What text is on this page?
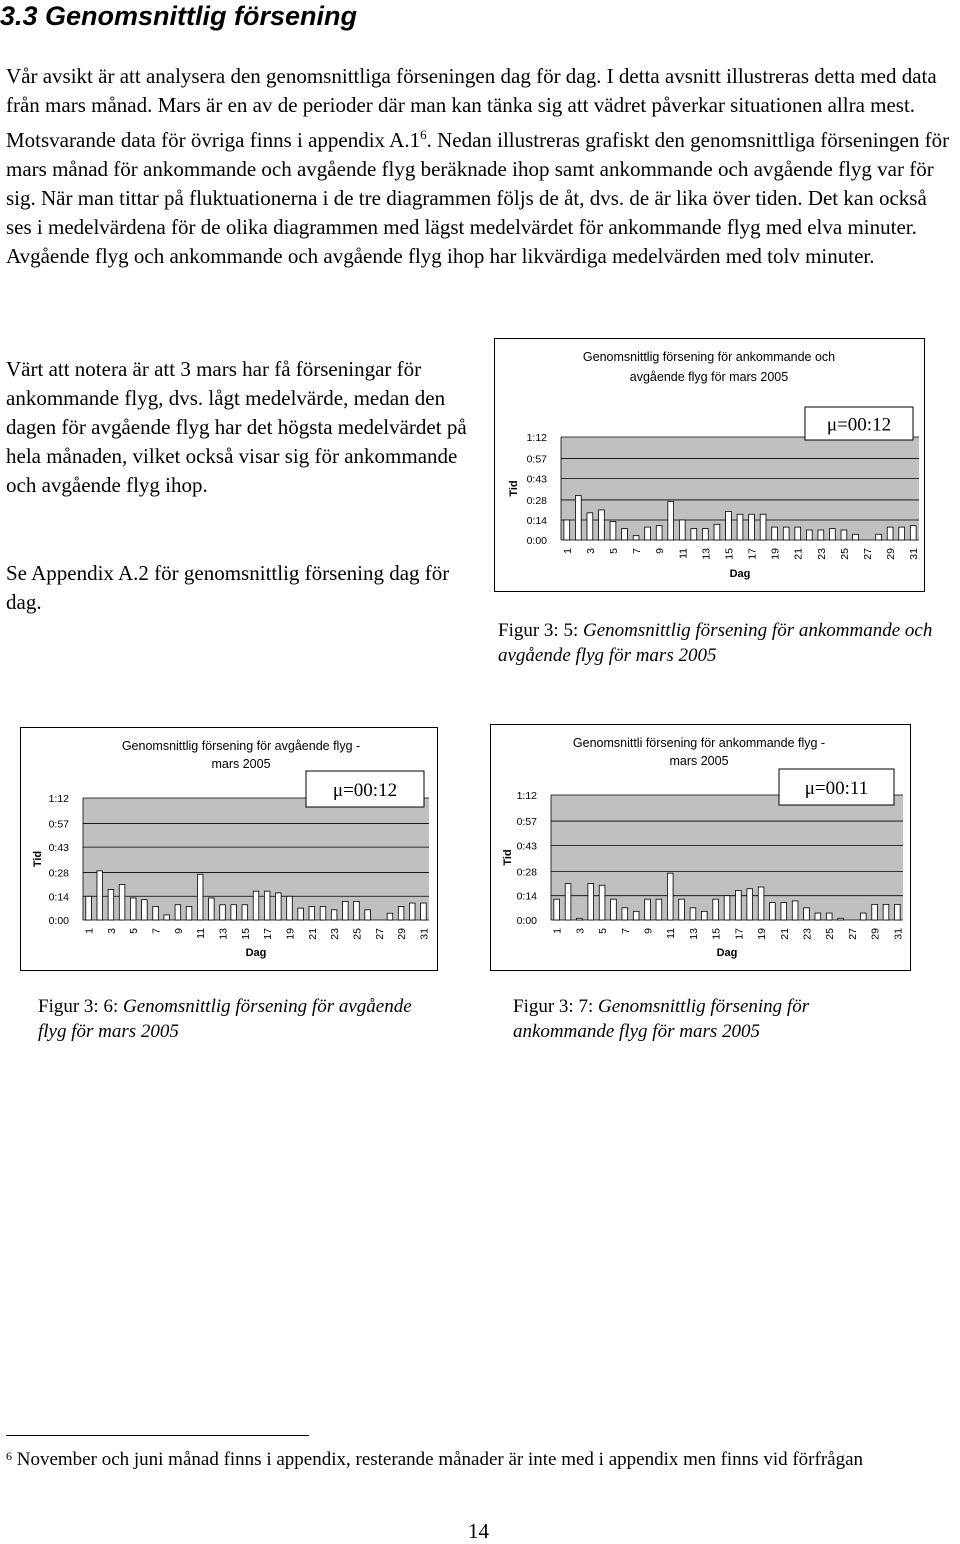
3.3 Genomsnittlig försening

Vår avsikt är att analysera den genomsnittliga förseningen dag för dag. I detta avsnitt illustreras detta med data från mars månad. Mars är en av de perioder där man kan tänka sig att vädret påverkar situationen allra mest. Motsvarande data för övriga finns i appendix $A.1^6$. Nedan illustreras grafiskt den genomsnittliga förseningen för mars månad för ankommande och avgående flyg beräknade ihop samt ankommande och avgående flyg var för sig. När man tittar på fluktuationerna i de tre diagrammen följs de åt, dvs. de är lika över tiden. Det kan också ses i medelvärdena för de olika diagrammen med lägst medelvärdet för ankommande flyg med elva minuter. Avgående flyg och ankommande och avgående flyg ihop har likvärdiga medelvärden med tolv minuter.

Värt att notera är att 3 mars har få förseningar för ankommande flyg, dvs. lågt medelvärde, medan den dagen för avgående flyg har det högsta medelvärdet på hela månaden, vilket också visar sig för ankommande och avgående flyg ihop.

Se Appendix A.2 för genomsnittlig försening dag för dag.

Genomsnittlig försening för ankommande och
avgående flyg för mars 2005
0:00
0:14
0:28
0:43
0:57
1:12
1 3 5 7 9 11 13 15 17 19 21 23 25 27 29 31
Dag
Tid
μ=00:12

Figur 3: 5: Genomsnittlig försening för ankommande och avgående flyg för mars 2005

Genomsnittlig försening för avgående flyg -
mars 2005
0:00
0:14
0:28
0:43
0:57
1:12
1 3 5 7 9 11 13 15 17 19 21 23 25 27 29 31
Dag
Tid
μ=00:12

Figur 3: 6: Genomsnittlig försening för avgående flyg för mars 2005

Genomsnittli försening för ankommande flyg -
mars 2005
0:00
0:14
0:28
0:43
0:57
1:12
1 3 5 7 9 11 13 15 17 19 21 23 25 27 29 31
Dag
Tid
μ=00:11

Figur 3: 7: Genomsnittlig försening för ankommande flyg för mars 2005

$^6$ November och juni månad finns i appendix, resterande månader är inte med i appendix men finns vid förfrågan

14
